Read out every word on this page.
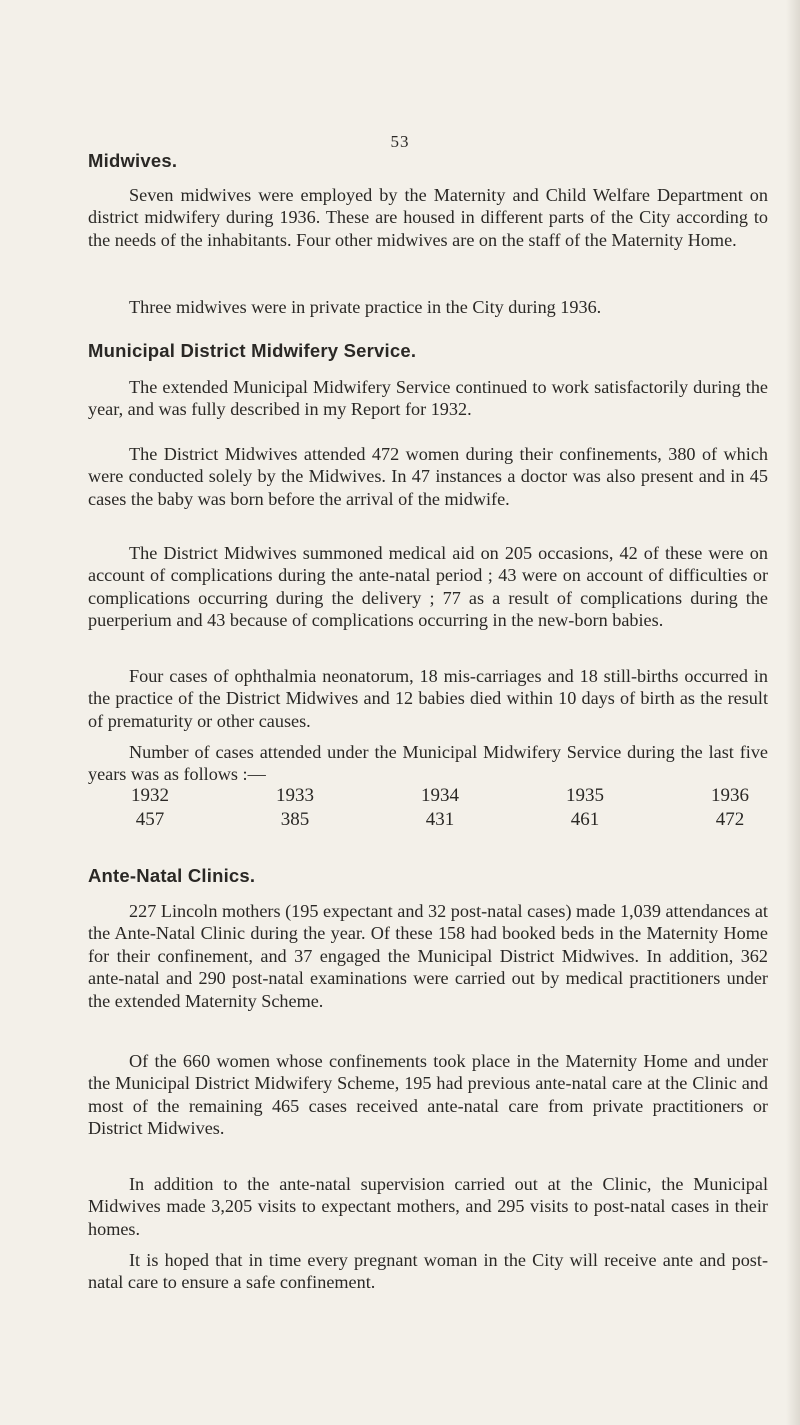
53
Midwives.
Seven midwives were employed by the Maternity and Child Welfare Department on district midwifery during 1936. These are housed in different parts of the City according to the needs of the inhabitants. Four other midwives are on the staff of the Maternity Home.
Three midwives were in private practice in the City during 1936.
Municipal District Midwifery Service.
The extended Municipal Midwifery Service continued to work satisfactorily during the year, and was fully described in my Report for 1932.
The District Midwives attended 472 women during their confinements, 380 of which were conducted solely by the Midwives. In 47 instances a doctor was also present and in 45 cases the baby was born before the arrival of the midwife.
The District Midwives summoned medical aid on 205 occasions, 42 of these were on account of complications during the ante-natal period ; 43 were on account of difficulties or complications occurring during the delivery ; 77 as a result of complications during the puerperium and 43 because of complications occurring in the new-born babies.
Four cases of ophthalmia neonatorum, 18 mis-carriages and 18 still-births occurred in the practice of the District Midwives and 12 babies died within 10 days of birth as the result of prematurity or other causes.
Number of cases attended under the Municipal Midwifery Service during the last five years was as follows :—
1932	1933	1934	1935	1936
457	385	431	461	472
Ante-Natal Clinics.
227 Lincoln mothers (195 expectant and 32 post-natal cases) made 1,039 attendances at the Ante-Natal Clinic during the year. Of these 158 had booked beds in the Maternity Home for their confinement, and 37 engaged the Municipal District Midwives. In addition, 362 ante-natal and 290 post-natal examinations were carried out by medical practitioners under the extended Maternity Scheme.
Of the 660 women whose confinements took place in the Maternity Home and under the Municipal District Midwifery Scheme, 195 had previous ante-natal care at the Clinic and most of the remaining 465 cases received ante-natal care from private practitioners or District Midwives.
In addition to the ante-natal supervision carried out at the Clinic, the Municipal Midwives made 3,205 visits to expectant mothers, and 295 visits to post-natal cases in their homes.
It is hoped that in time every pregnant woman in the City will receive ante and post-natal care to ensure a safe confinement.
